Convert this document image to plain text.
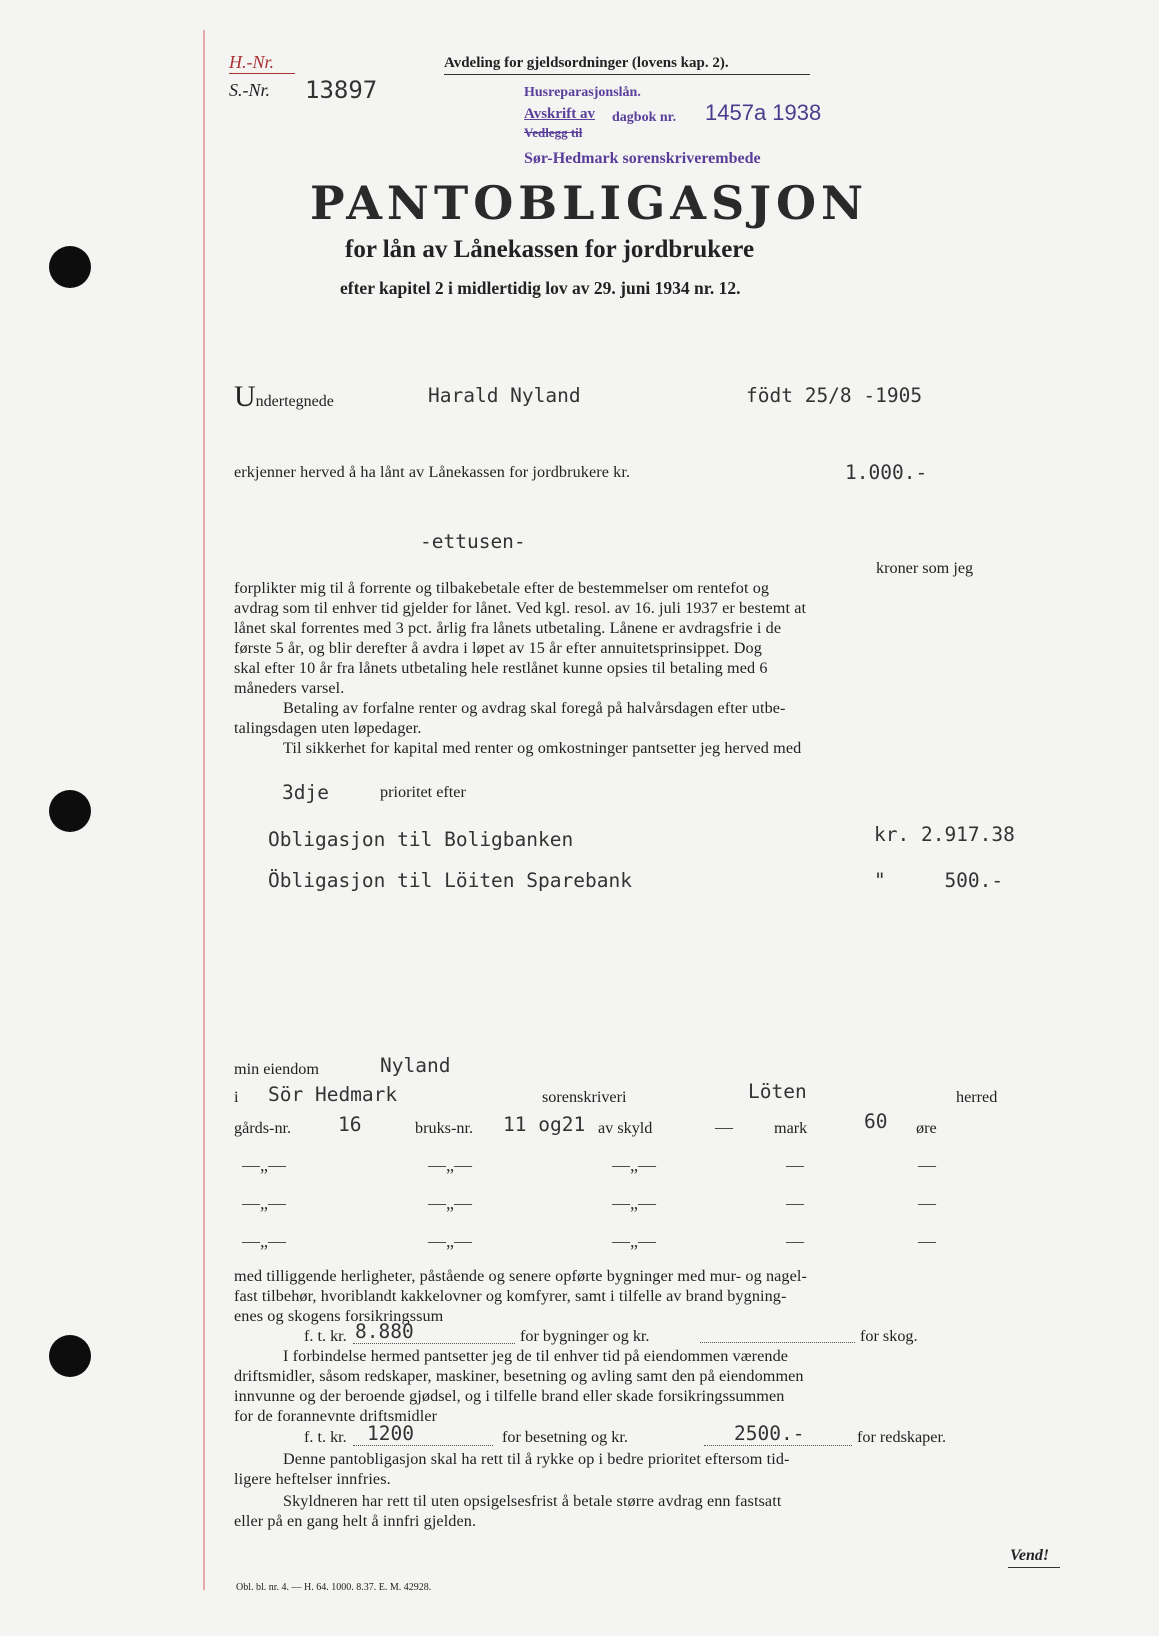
H.-Nr.
S.-Nr. 13897
Avdeling for gjeldsordninger (lovens kap. 2).
Husreparasjonslån.
Avskrift av dagbok nr. 1457a 1938
Vedlegg til
Sør-Hedmark sorenskriverembede
PANTOBLIGASJON
for lån av Lånekassen for jordbrukere
efter kapitel 2 i midlertidig lov av 29. juni 1934 nr. 12.
Undertegnede	Harald Nyland	födt 25/8 -1905
erkjenner herved å ha lånt av Lånekassen for jordbrukere kr.	1.000.-
-ettusen-
kroner som jeg
forplikter mig til å forrente og tilbakebetale efter de bestemmelser om rentefot og
avdrag som til enhver tid gjelder for lånet. Ved kgl. resol. av 16. juli 1937 er bestemt at
lånet skal forrentes med 3 pct. årlig fra lånets utbetaling. Lånene er avdragsfrie i de
første 5 år, og blir derefter å avdra i løpet av 15 år efter annuitetsprinsippet. Dog
skal efter 10 år fra lånets utbetaling hele restlånet kunne opsies til betaling med 6
måneders varsel.
Betaling av forfalne renter og avdrag skal foregå på halvårsdagen efter utbe-
talingsdagen uten løpedager.
Til sikkerhet for kapital med renter og omkostninger pantsetter jeg herved med
3dje	prioritet efter
Obligasjon til Boligbanken	kr. 2.917.38
Öbligasjon til Löiten Sparebank	"     500.-
min eiendom	Nyland
i Sör Hedmark	sorenskriveri	Löten	herred
gårds-nr. 16	bruks-nr. 11 og21 av skyld	—	mark	60 øre
—„—	—„—	—„—	—	—
—„—	—„—	—„—	—	—
—„—	—„—	—„—	—	—
med tilliggende herligheter, påstående og senere opførte bygninger med mur- og nagel-
fast tilbehør, hvoriblandt kakkelovner og komfyrer, samt i tilfelle av brand bygning-
enes og skogens forsikringssum
f. t. kr. 8.880	for bygninger og kr.	for skog.
I forbindelse hermed pantsetter jeg de til enhver tid på eiendommen værende
driftsmidler, såsom redskaper, maskiner, besetning og avling samt den på eiendommen
innvunne og der beroende gjødsel, og i tilfelle brand eller skade forsikringssummen
for de forannevnte driftsmidler
f. t. kr.	1200	for besetning og kr.	2500.-	for redskaper.
Denne pantobligasjon skal ha rett til å rykke op i bedre prioritet eftersom tid-
ligere heftelser innfries.
Skyldneren har rett til uten opsigelsesfrist å betale større avdrag enn fastsatt
eller på en gang helt å innfri gjelden.
Vend!
Obl. bl. nr. 4. — H. 64. 1000. 8.37. E. M. 42928.
